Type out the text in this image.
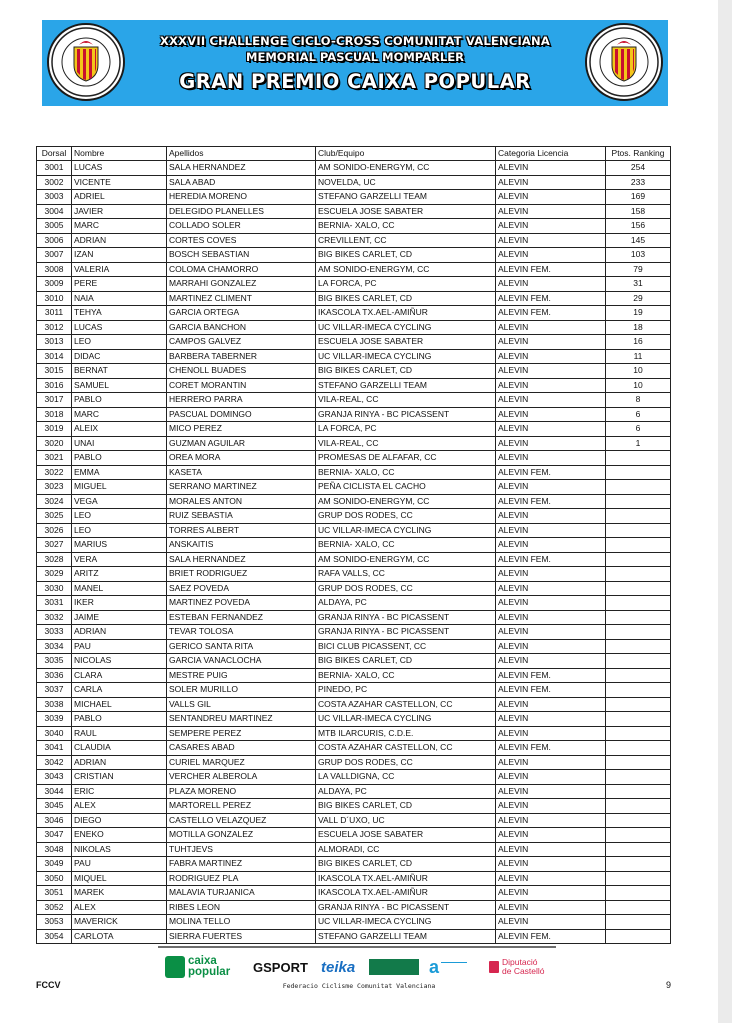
XXXVII CHALLENGE CICLO-CROSS COMUNITAT VALENCIANA
MEMORIAL PASCUAL MOMPARLER
GRAN PREMIO CAIXA POPULAR
Dorsal	Nombre	Apellidos	Club/Equipo	Categoria Licencia	Ptos. Ranking
3001	LUCAS	SALA HERNANDEZ	AM SONIDO-ENERGYM, CC	ALEVIN	254
3002	VICENTE	SALA ABAD	NOVELDA, UC	ALEVIN	233
3003	ADRIEL	HEREDIA MORENO	STEFANO GARZELLI TEAM	ALEVIN	169
3004	JAVIER	DELEGIDO PLANELLES	ESCUELA JOSE SABATER	ALEVIN	158
3005	MARC	COLLADO SOLER	BERNIA- XALO, CC	ALEVIN	156
3006	ADRIAN	CORTES COVES	CREVILLENT, CC	ALEVIN	145
3007	IZAN	BOSCH SEBASTIAN	BIG BIKES CARLET, CD	ALEVIN	103
3008	VALERIA	COLOMA CHAMORRO	AM SONIDO-ENERGYM, CC	ALEVIN FEM.	79
3009	PERE	MARRAHI GONZALEZ	LA FORCA, PC	ALEVIN	31
3010	NAIA	MARTINEZ CLIMENT	BIG BIKES CARLET, CD	ALEVIN FEM.	29
3011	TEHYA	GARCIA ORTEGA	IKASCOLA TX.AEL-AMIÑUR	ALEVIN FEM.	19
3012	LUCAS	GARCIA BANCHON	UC VILLAR-IMECA CYCLING	ALEVIN	18
3013	LEO	CAMPOS GALVEZ	ESCUELA JOSE SABATER	ALEVIN	16
3014	DIDAC	BARBERA TABERNER	UC VILLAR-IMECA CYCLING	ALEVIN	11
3015	BERNAT	CHENOLL BUADES	BIG BIKES CARLET, CD	ALEVIN	10
3016	SAMUEL	CORET MORANTIN	STEFANO GARZELLI TEAM	ALEVIN	10
3017	PABLO	HERRERO PARRA	VILA-REAL, CC	ALEVIN	8
3018	MARC	PASCUAL DOMINGO	GRANJA RINYA - BC PICASSENT	ALEVIN	6
3019	ALEIX	MICO PEREZ	LA FORCA, PC	ALEVIN	6
3020	UNAI	GUZMAN AGUILAR	VILA-REAL, CC	ALEVIN	1
3021	PABLO	OREA MORA	PROMESAS DE ALFAFAR, CC	ALEVIN	
3022	EMMA	KASETA	BERNIA- XALO, CC	ALEVIN FEM.	
3023	MIGUEL	SERRANO MARTINEZ	PEÑA CICLISTA EL CACHO	ALEVIN	
3024	VEGA	MORALES ANTON	AM SONIDO-ENERGYM, CC	ALEVIN FEM.	
3025	LEO	RUIZ SEBASTIA	GRUP DOS RODES, CC	ALEVIN	
3026	LEO	TORRES ALBERT	UC VILLAR-IMECA CYCLING	ALEVIN	
3027	MARIUS	ANSKAITIS	BERNIA- XALO, CC	ALEVIN	
3028	VERA	SALA HERNANDEZ	AM SONIDO-ENERGYM, CC	ALEVIN FEM.	
3029	ARITZ	BRIET RODRIGUEZ	RAFA VALLS, CC	ALEVIN	
3030	MANEL	SAEZ POVEDA	GRUP DOS RODES, CC	ALEVIN	
3031	IKER	MARTINEZ POVEDA	ALDAYA, PC	ALEVIN	
3032	JAIME	ESTEBAN FERNANDEZ	GRANJA RINYA - BC PICASSENT	ALEVIN	
3033	ADRIAN	TEVAR TOLOSA	GRANJA RINYA - BC PICASSENT	ALEVIN	
3034	PAU	GERICO SANTA RITA	BICI CLUB PICASSENT, CC	ALEVIN	
3035	NICOLAS	GARCIA VANACLOCHA	BIG BIKES CARLET, CD	ALEVIN	
3036	CLARA	MESTRE PUIG	BERNIA- XALO, CC	ALEVIN FEM.	
3037	CARLA	SOLER MURILLO	PINEDO, PC	ALEVIN FEM.	
3038	MICHAEL	VALLS GIL	COSTA AZAHAR CASTELLON, CC	ALEVIN	
3039	PABLO	SENTANDREU MARTINEZ	UC VILLAR-IMECA CYCLING	ALEVIN	
3040	RAUL	SEMPERE PEREZ	MTB ILARCURIS, C.D.E.	ALEVIN	
3041	CLAUDIA	CASARES ABAD	COSTA AZAHAR CASTELLON, CC	ALEVIN FEM.	
3042	ADRIAN	CURIEL MARQUEZ	GRUP DOS RODES, CC	ALEVIN	
3043	CRISTIAN	VERCHER ALBEROLA	LA VALLDIGNA, CC	ALEVIN	
3044	ERIC	PLAZA MORENO	ALDAYA, PC	ALEVIN	
3045	ALEX	MARTORELL PEREZ	BIG BIKES CARLET, CD	ALEVIN	
3046	DIEGO	CASTELLO VELAZQUEZ	VALL D´UXO, UC	ALEVIN	
3047	ENEKO	MOTILLA GONZALEZ	ESCUELA JOSE SABATER	ALEVIN	
3048	NIKOLAS	TUHTJEVS	ALMORADI, CC	ALEVIN	
3049	PAU	FABRA MARTINEZ	BIG BIKES CARLET, CD	ALEVIN	
3050	MIQUEL	RODRIGUEZ PLA	IKASCOLA TX.AEL-AMIÑUR	ALEVIN	
3051	MAREK	MALAVIA TURJANICA	IKASCOLA TX.AEL-AMIÑUR	ALEVIN	
3052	ALEX	RIBES LEON	GRANJA RINYA - BC PICASSENT	ALEVIN	
3053	MAVERICK	MOLINA TELLO	UC VILLAR-IMECA CYCLING	ALEVIN	
3054	CARLOTA	SIERRA FUERTES	STEFANO GARZELLI TEAM	ALEVIN FEM.	
caixa
popular GSPORT teika	a	Diputació
de Castelló
FCCV	Federacio Ciclisme Comunitat Valenciana	9
